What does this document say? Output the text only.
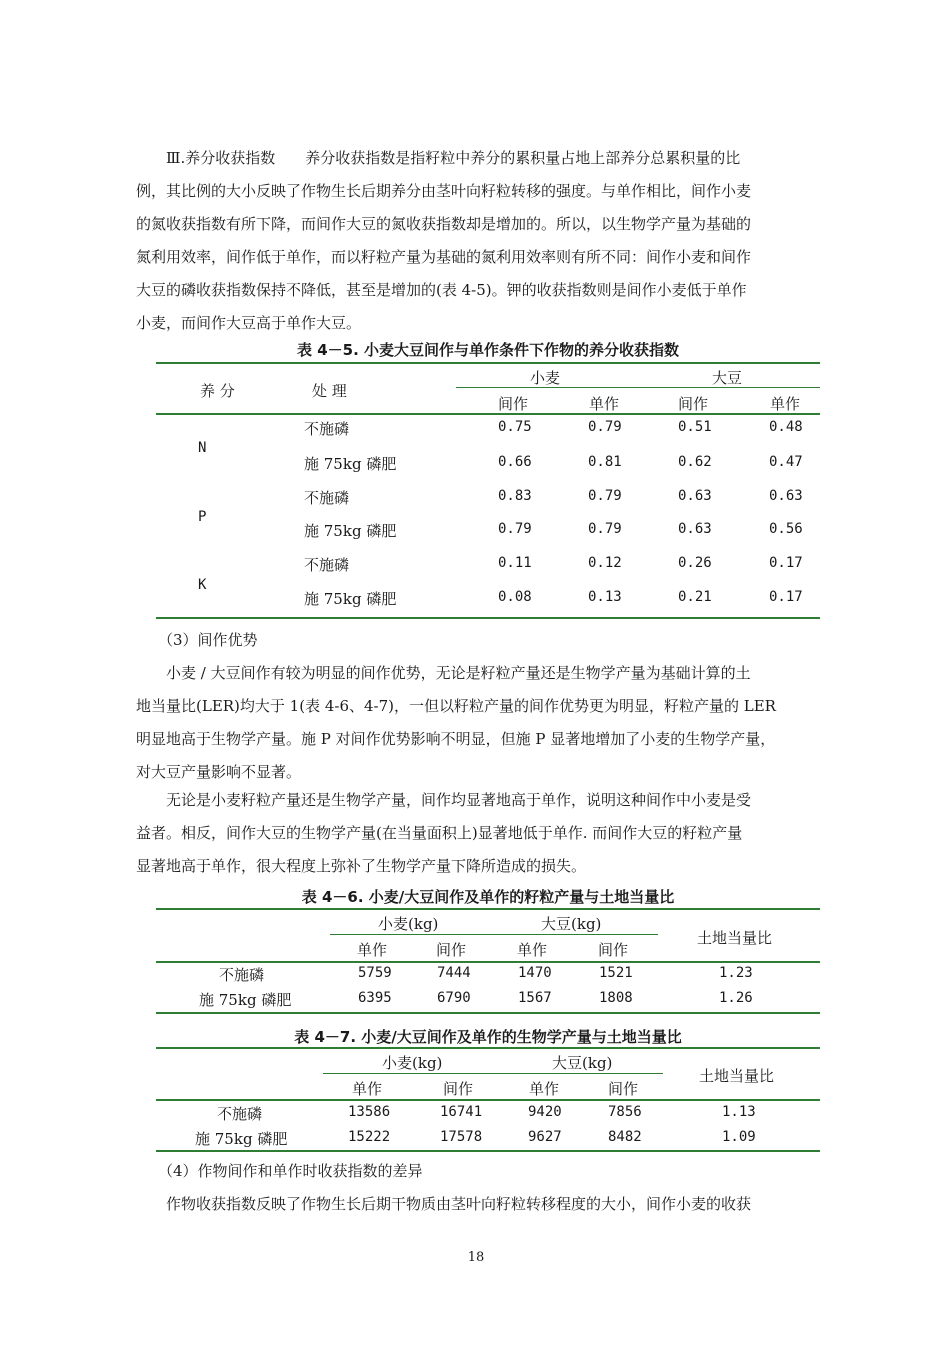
Ⅲ.养分收获指数　　养分收获指数是指籽粒中养分的累积量占地上部养分总累积量的比
例，其比例的大小反映了作物生长后期养分由茎叶向籽粒转移的强度。与单作相比，间作小麦
的氮收获指数有所下降，而间作大豆的氮收获指数却是增加的。所以，以生物学产量为基础的
氮利用效率，间作低于单作，而以籽粒产量为基础的氮利用效率则有所不同：间作小麦和间作
大豆的磷收获指数保持不降低，甚至是增加的(表 4-5)。钾的收获指数则是间作小麦低于单作
小麦，而间作大豆高于单作大豆。

表 4－5. 小麦大豆间作与单作条件下作物的养分收获指数
养 分	处 理
小麦	大豆
间作	单作	间作	单作
N
不施磷	0.75	0.79	0.51	0.48
施 75kg 磷肥	0.66	0.81	0.62	0.47
P
不施磷	0.83	0.79	0.63	0.63
施 75kg 磷肥	0.79	0.79	0.63	0.56
K
不施磷	0.11	0.12	0.26	0.17
施 75kg 磷肥	0.08	0.13	0.21	0.17

（3）间作优势
小麦 / 大豆间作有较为明显的间作优势，无论是籽粒产量还是生物学产量为基础计算的土
地当量比(LER)均大于 1(表 4-6、4-7)，一但以籽粒产量的间作优势更为明显，籽粒产量的 LER
明显地高于生物学产量。施 P 对间作优势影响不明显，但施 P 显著地增加了小麦的生物学产量，
对大豆产量影响不显著。

无论是小麦籽粒产量还是生物学产量，间作均显著地高于单作，说明这种间作中小麦是受
益者。相反，间作大豆的生物学产量(在当量面积上)显著地低于单作. 而间作大豆的籽粒产量
显著地高于单作，很大程度上弥补了生物学产量下降所造成的损失。

表 4－6. 小麦/大豆间作及单作的籽粒产量与土地当量比
小麦(kg)	大豆(kg)
土地当量比
单作	间作	单作	间作
不施磷	5759	7444	1470	1521	1.23
施 75kg 磷肥	6395	6790	1567	1808	1.26
表 4－7. 小麦/大豆间作及单作的生物学产量与土地当量比
小麦(kg)	大豆(kg)
土地当量比
单作	间作	单作	间作
不施磷	13586	16741	9420	7856	1.13
施 75kg 磷肥	15222	17578	9627	8482	1.09

（4）作物间作和单作时收获指数的差异
作物收获指数反映了作物生长后期干物质由茎叶向籽粒转移程度的大小，间作小麦的收获

18
